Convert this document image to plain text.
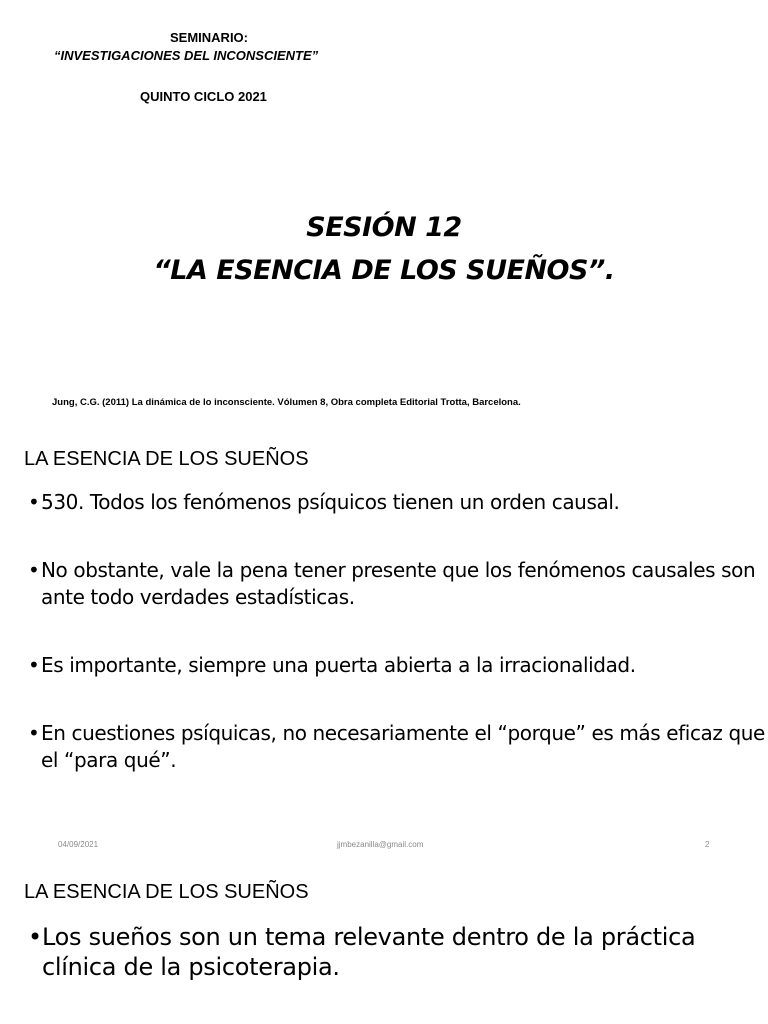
SEMINARIO:
“INVESTIGACIONES DEL INCONSCIENTE”
QUINTO CICLO 2021
SESIÓN 12
“LA ESENCIA DE LOS SUEÑOS”.
Jung, C.G. (2011) La dinámica de lo inconsciente. Vólumen 8, Obra completa Editorial Trotta, Barcelona.
LA ESENCIA DE LOS SUEÑOS
•530. Todos los fenómenos psíquicos tienen un orden causal.
•No obstante, vale la pena tener presente que los fenómenos causales son ante todo verdades estadísticas.
•Es importante, siempre una puerta abierta a la irracionalidad.
•En cuestiones psíquicas, no necesariamente el “porque” es más eficaz que el “para qué”.
04/09/2021	jjmbezanilla@gmail.com	2
LA ESENCIA DE LOS SUEÑOS
•Los sueños son un tema relevante dentro de la práctica clínica de la psicoterapia.
